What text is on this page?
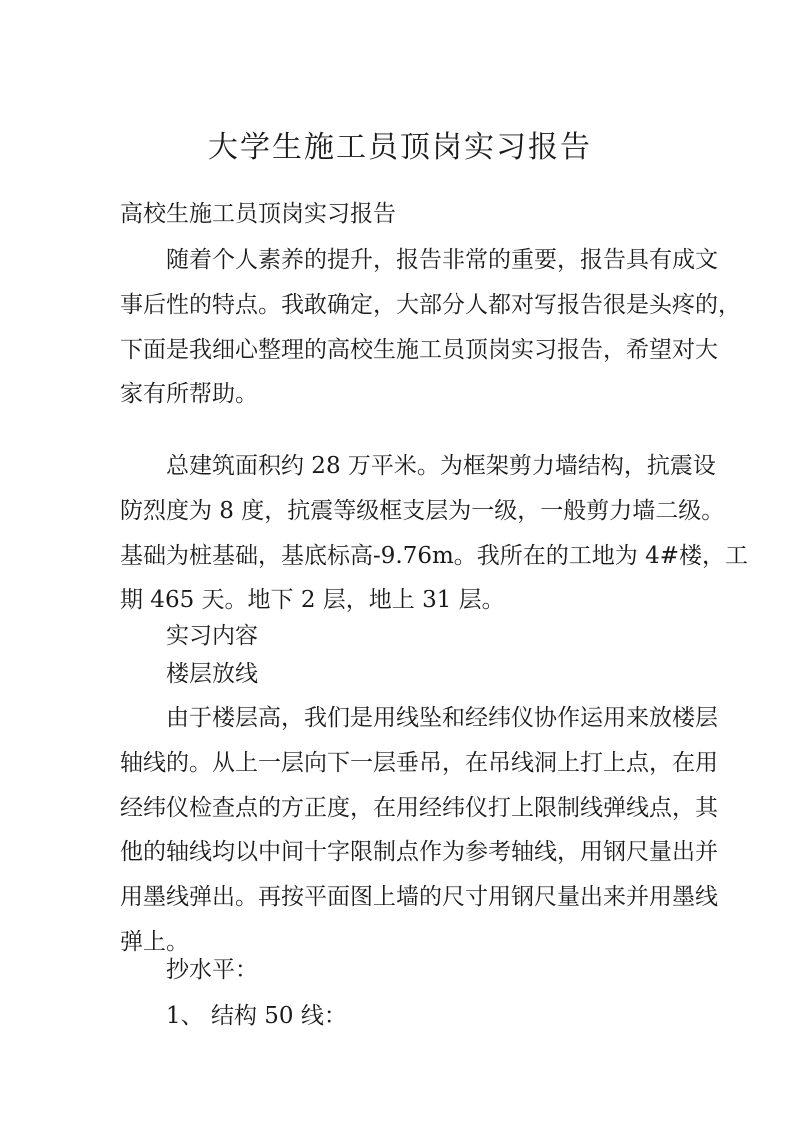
大学生施工员顶岗实习报告
高校生施工员顶岗实习报告

随着个人素养的提升，报告非常的重要，报告具有成文
事后性的特点。我敢确定，大部分人都对写报告很是头疼的，
下面是我细心整理的高校生施工员顶岗实习报告，希望对大
家有所帮助。

总建筑面积约 28 万平米。为框架剪力墙结构，抗震设
防烈度为 8 度，抗震等级框支层为一级，一般剪力墙二级。
基础为桩基础，基底标高-9.76m。我所在的工地为 4#楼，工
期 465 天。地下 2 层，地上 31 层。

实习内容
楼层放线

由于楼层高，我们是用线坠和经纬仪协作运用来放楼层
轴线的。从上一层向下一层垂吊，在吊线洞上打上点，在用
经纬仪检查点的方正度，在用经纬仪打上限制线弹线点，其
他的轴线均以中间十字限制点作为参考轴线，用钢尺量出并
用墨线弹出。再按平面图上墙的尺寸用钢尺量出来并用墨线
弹上。

抄水平：
1、 结构 50 线：
